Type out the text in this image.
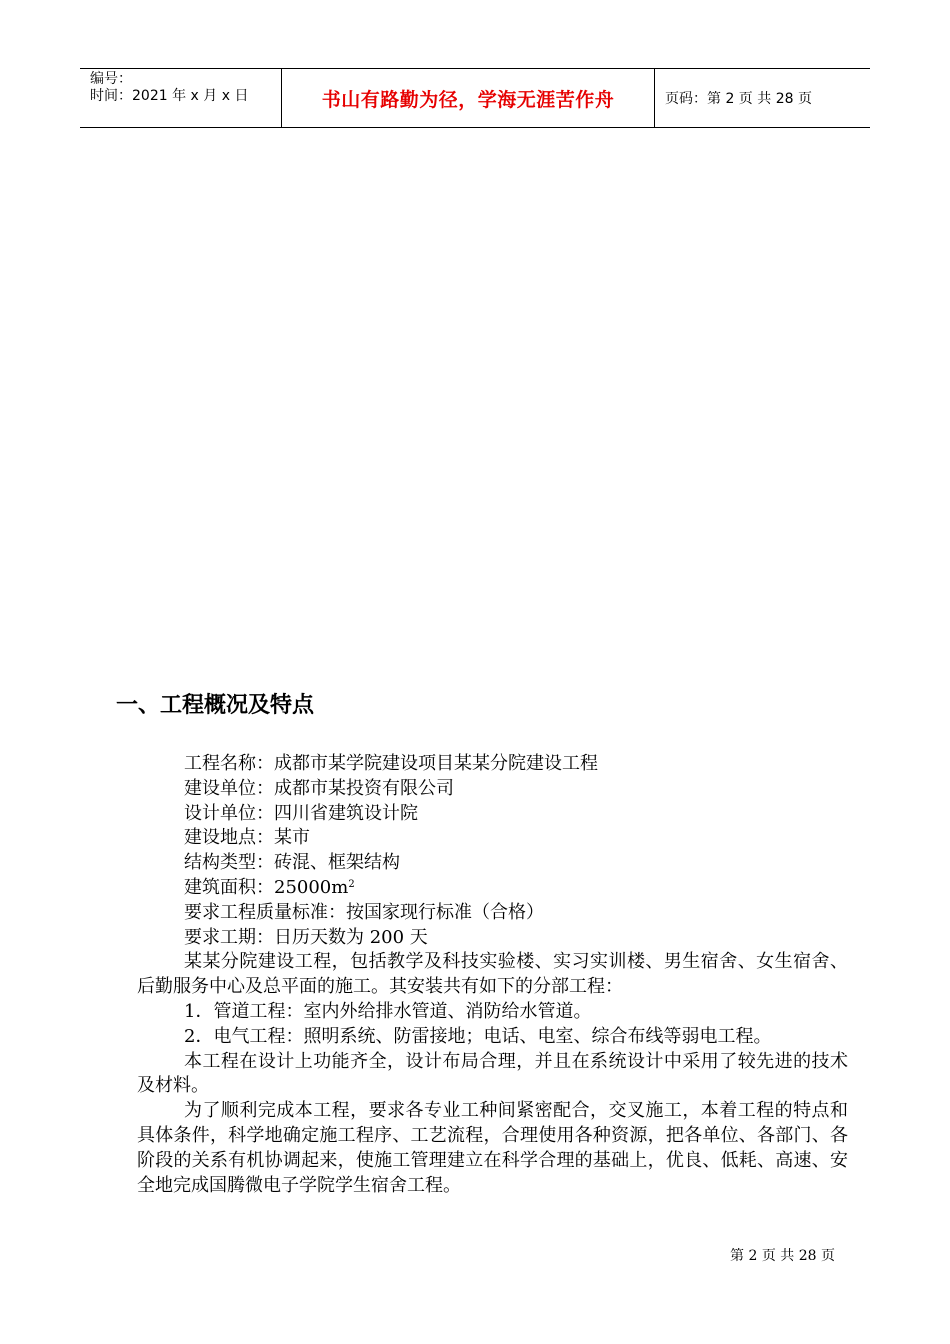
编号：
时间：2021 年 x 月 x 日	书山有路勤为径，学海无涯苦作舟	页码：第 2 页 共 28 页
一、工程概况及特点

工程名称：成都市某学院建设项目某某分院建设工程

建设单位：成都市某投资有限公司

设计单位：四川省建筑设计院

建设地点：某市

结构类型：砖混、框架结构

建筑面积：$25000m^2$

要求工程质量标准：按国家现行标准（合格）

要求工期：日历天数为 200 天

某某分院建设工程，包括教学及科技实验楼、实习实训楼、男生宿舍、女生宿舍、后勤服务中心及总平面的施工。其安装共有如下的分部工程：

1．管道工程：室内外给排水管道、消防给水管道。

2．电气工程：照明系统、防雷接地；电话、电室、综合布线等弱电工程。

本工程在设计上功能齐全，设计布局合理，并且在系统设计中采用了较先进的技术及材料。

为了顺利完成本工程，要求各专业工种间紧密配合，交叉施工，本着工程的特点和具体条件，科学地确定施工程序、工艺流程，合理使用各种资源，把各单位、各部门、各阶段的关系有机协调起来，使施工管理建立在科学合理的基础上，优良、低耗、高速、安全地完成国腾微电子学院学生宿舍工程。

第 2 页 共 28 页
